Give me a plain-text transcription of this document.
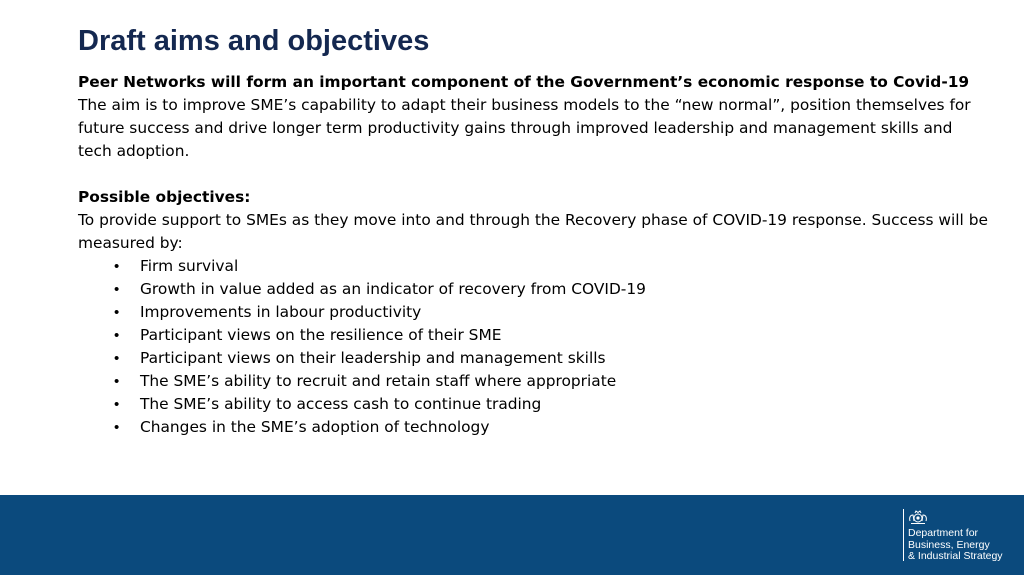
Draft aims and objectives

Peer Networks will form an important component of the Government’s economic response to Covid-19

The aim is to improve SME’s capability to adapt their business models to the “new normal”, position themselves for future success and drive longer term productivity gains through improved leadership and management skills and tech adoption.

Possible objectives:

To provide support to SMEs as they move into and through the Recovery phase of COVID-19 response. Success will be measured by:

• Firm survival
• Growth in value added as an indicator of recovery from COVID-19
• Improvements in labour productivity
• Participant views on the resilience of their SME
• Participant views on their leadership and management skills
• The SME’s ability to recruit and retain staff where appropriate
• The SME’s ability to access cash to continue trading
• Changes in the SME’s adoption of technology
Department for
Business, Energy
& Industrial Strategy
